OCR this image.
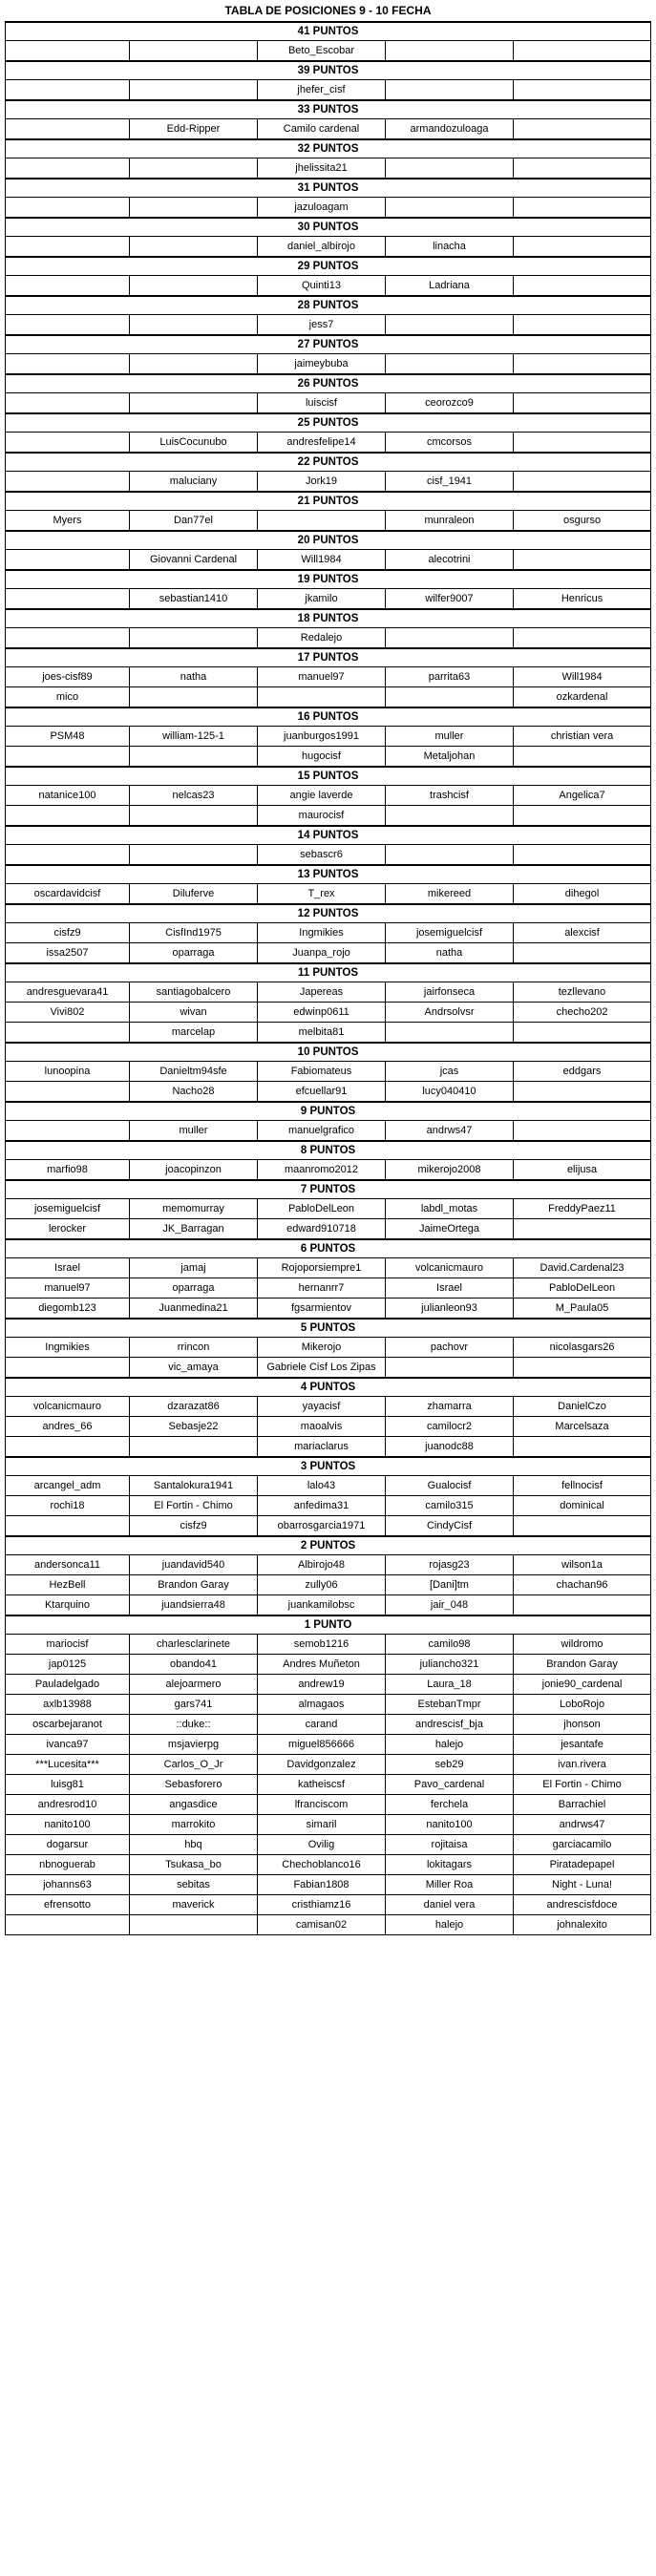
TABLA DE POSICIONES 9 - 10 FECHA
41 PUNTOS				
		Beto_Escobar		
39 PUNTOS				
		jhefer_cisf		
33 PUNTOS				
	Edd-Ripper	Camilo cardenal	armandozuloaga	
32 PUNTOS				
		jhelissita21		
31 PUNTOS				
		jazuloagam		
30 PUNTOS				
		daniel_albirojo	linacha	
29 PUNTOS				
		Quinti13	Ladriana	
28 PUNTOS				
		jess7		
27 PUNTOS				
		jaimeybuba		
26 PUNTOS				
		luiscisf	ceorozco9	
25 PUNTOS				
	LuisCocunubo	andresfelipe14	cmcorsos	
22 PUNTOS				
	maluciany	Jork19	cisf_1941	
21 PUNTOS				
Myers	Dan77el		munraleon	osgurso
20 PUNTOS				
	Giovanni Cardenal	Will1984	alecotrini	
19 PUNTOS				
	sebastian1410	jkamilo	wilfer9007	Henricus
18 PUNTOS				
		Redalejo		
17 PUNTOS				
joes-cisf89	natha	manuel97	parrita63	Will1984
mico				ozkardenal
16 PUNTOS				
PSM48	william-125-1	juanburgos1991	muller	christian vera
		hugocisf	Metaljohan	
15 PUNTOS				
natanice100	nelcas23	angie laverde	trashcisf	Angelica7
		maurocisf		
14 PUNTOS				
		sebascr6		
13 PUNTOS				
oscardavidcisf	Diluferve	T_rex	mikereed	dihegol
12 PUNTOS				
cisfz9	CisfInd1975	Ingmikies	josemiguelcisf	alexcisf
issa2507	oparraga	Juanpa_rojo	natha	
11 PUNTOS				
andresguevara41	santiagobalcero	Japereas	jairfonseca	tezllevano
Vivi802	wivan	edwinp0611	Andrsolvsr	checho202
	marcelap	melbita81		
10 PUNTOS				
lunoopina	Danieltm94sfe	Fabiomateus	jcas	eddgars
	Nacho28	efcuellar91	lucy040410	
9 PUNTOS				
	muller	manuelgrafico	andrws47	
8 PUNTOS				
marfio98	joacopinzon	maanromo2012	mikerojo2008	elijusa
7 PUNTOS				
josemiguelcisf	memomurray	PabloDelLeon	labdl_motas	FreddyPaez11
lerocker	JK_Barragan	edward910718	JaimeOrtega	
6 PUNTOS				
Israel	jamaj	Rojoporsiempre1	volcanicmauro	David.Cardenal23
manuel97	oparraga	hernanrr7	Israel	PabloDelLeon
diegomb123	Juanmedina21	fgsarmientov	julianleon93	M_Paula05
5 PUNTOS				
Ingmikies	rrincon	Mikerojo	pachovr	nicolasgars26
	vic_amaya	Gabriele Cisf Los Zipas		
4 PUNTOS				
volcanicmauro	dzarazat86	yayacisf	zhamarra	DanielCzo
andres_66	Sebasje22	maoalvis	camilocr2	Marcelsaza
		mariaclarus	juanodc88	
3 PUNTOS				
arcangel_adm	Santalokura1941	lalo43	Gualocisf	fellnocisf
rochi18	El Fortin - Chimo	anfedima31	camilo315	dominical
	cisfz9	obarrosgarcia1971	CindyCisf	
2 PUNTOS				
andersonca11	juandavid540	Albirojo48	rojasg23	wilson1a
HezBell	Brandon Garay	zully06	[Dani]tm	chachan96
Ktarquino	juandsierra48	juankamilobsc	jair_048	
1 PUNTO				
mariocisf	charlesclarinete	semob1216	camilo98	wildromo
jap0125	obando41	Andres Muñeton	juliancho321	Brandon Garay
Pauladelgado	alejoarmero	andrew19	Laura_18	jonie90_cardenal
axlb13988	gars741	almagaos	EstebanTmpr	LoboRojo
oscarbejaranot	::duke::	carand	andrescisf_bja	jhonson
ivanca97	msjavierpg	miguel856666	halejo	jesantafe
***Lucesita***	Carlos_O_Jr	Davidgonzalez	seb29	ivan.rivera
luisg81	Sebasforero	katheiscsf	Pavo_cardenal	El Fortin - Chimo
andresrod10	angasdice	lfranciscom	ferchela	Barrachiel
nanito100	marrokito	simaril	nanito100	andrws47
dogarsur	hbq	Ovilig	rojitaisa	garciacamilo
nbnoguerab	Tsukasa_bo	Chechoblanco16	lokitagars	Piratadepapel
johanns63	sebitas	Fabian1808	Miller Roa	Night - Luna!
efrensotto	maverick	cristhiamz16	daniel vera	andrescisfdoce
		camisan02	halejo	johnalexito
